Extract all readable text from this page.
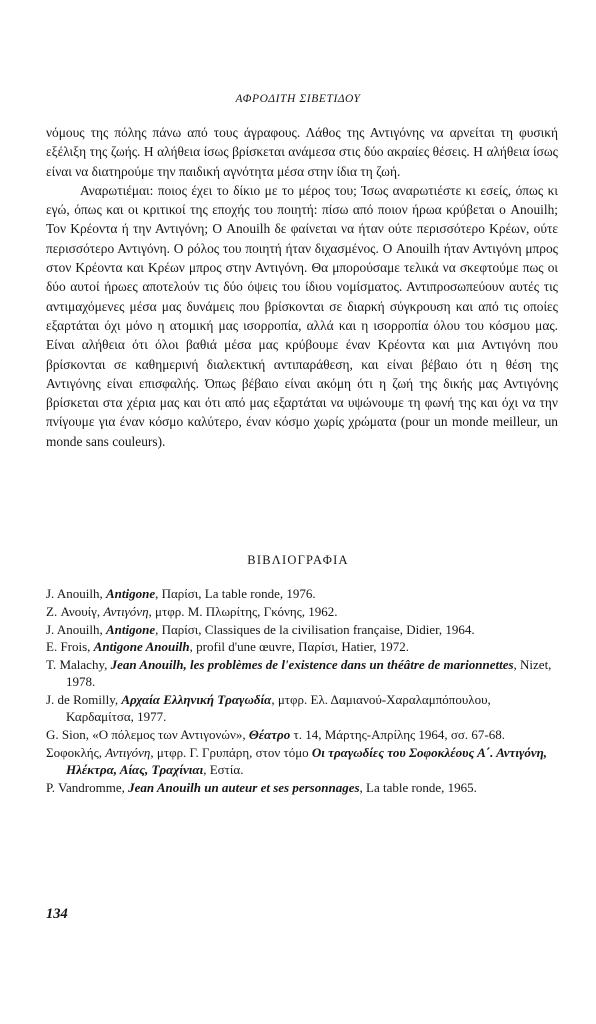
ΑΦΡΟΔΙΤΗ ΣΙΒΕΤΙΔΟΥ

νόμους της πόλης πάνω από τους άγραφους. Λάθος της Αντιγόνης να αρνείται τη φυσική εξέλιξη της ζωής. Η αλήθεια ίσως βρίσκεται ανάμεσα στις δύο ακραίες θέσεις. Η αλήθεια ίσως είναι να διατηρούμε την παιδική αγνότητα μέσα στην ίδια τη ζωή.

Αναρωτιέμαι: ποιος έχει το δίκιο με το μέρος του; Ίσως αναρωτιέστε κι εσείς, όπως κι εγώ, όπως και οι κριτικοί της εποχής του ποιητή: πίσω από ποιον ήρωα κρύβεται ο Anouilh; Τον Κρέοντα ή την Αντιγόνη; Ο Anouilh δε φαίνεται να ήταν ούτε περισσότερο Κρέων, ούτε περισσότερο Αντιγόνη. Ο ρόλος του ποιητή ήταν διχασμένος. Ο Anouilh ήταν Αντιγόνη μπρος στον Κρέοντα και Κρέων μπρος στην Αντιγόνη. Θα μπορούσαμε τελικά να σκεφτούμε πως οι δύο αυτοί ήρωες αποτελούν τις δύο όψεις του ίδιου νομίσματος. Αντιπροσωπεύουν αυτές τις αντιμαχόμενες μέσα μας δυνάμεις που βρίσκονται σε διαρκή σύγκρουση και από τις οποίες εξαρτάται όχι μόνο η ατομική μας ισορροπία, αλλά και η ισορροπία όλου του κόσμου μας. Είναι αλήθεια ότι όλοι βαθιά μέσα μας κρύβουμε έναν Κρέοντα και μια Αντιγόνη που βρίσκονται σε καθημερινή διαλεκτική αντιπαράθεση, και είναι βέβαιο ότι η θέση της Αντιγόνης είναι επισφαλής. Όπως βέβαιο είναι ακόμη ότι η ζωή της δικής μας Αντιγόνης βρίσκεται στα χέρια μας και ότι από μας εξαρτάται να υψώνουμε τη φωνή της και όχι να την πνίγουμε για έναν κόσμο καλύτερο, έναν κόσμο χωρίς χρώματα (pour un monde meilleur, un monde sans couleurs).

ΒΙΒΛΙΟΓΡΑΦΙΑ
J. Anouilh, Antigone, Παρίσι, La table ronde, 1976.
Z. Ανουίγ, Αντιγόνη, μτφρ. Μ. Πλωρίτης, Γκόνης, 1962.
J. Anouilh, Antigone, Παρίσι, Classiques de la civilisation française, Didier, 1964.
E. Frois, Antigone Anouilh, profil d'une œuvre, Παρίσι, Hatier, 1972.
T. Malachy, Jean Anouilh, les problèmes de l'existence dans un théâtre de marionnettes, Nizet, 1978.
J. de Romilly, Αρχαία Ελληνική Τραγωδία, μτφρ. Ελ. Δαμιανού-Χαραλαμπόπουλου, Καρδαμίτσα, 1977.
G. Sion, «Ο πόλεμος των Αντιγονών», Θέατρο τ. 14, Μάρτης-Απρίλης 1964, σσ. 67-68.
Σοφοκλής, Αντιγόνη, μτφρ. Γ. Γρυπάρη, στον τόμο Οι τραγωδίες του Σοφοκλέους Α΄. Αντιγόνη, Ηλέκτρα, Αίας, Τραχίνιαι, Εστία.
P. Vandromme, Jean Anouilh un auteur et ses personnages, La table ronde, 1965.
134
